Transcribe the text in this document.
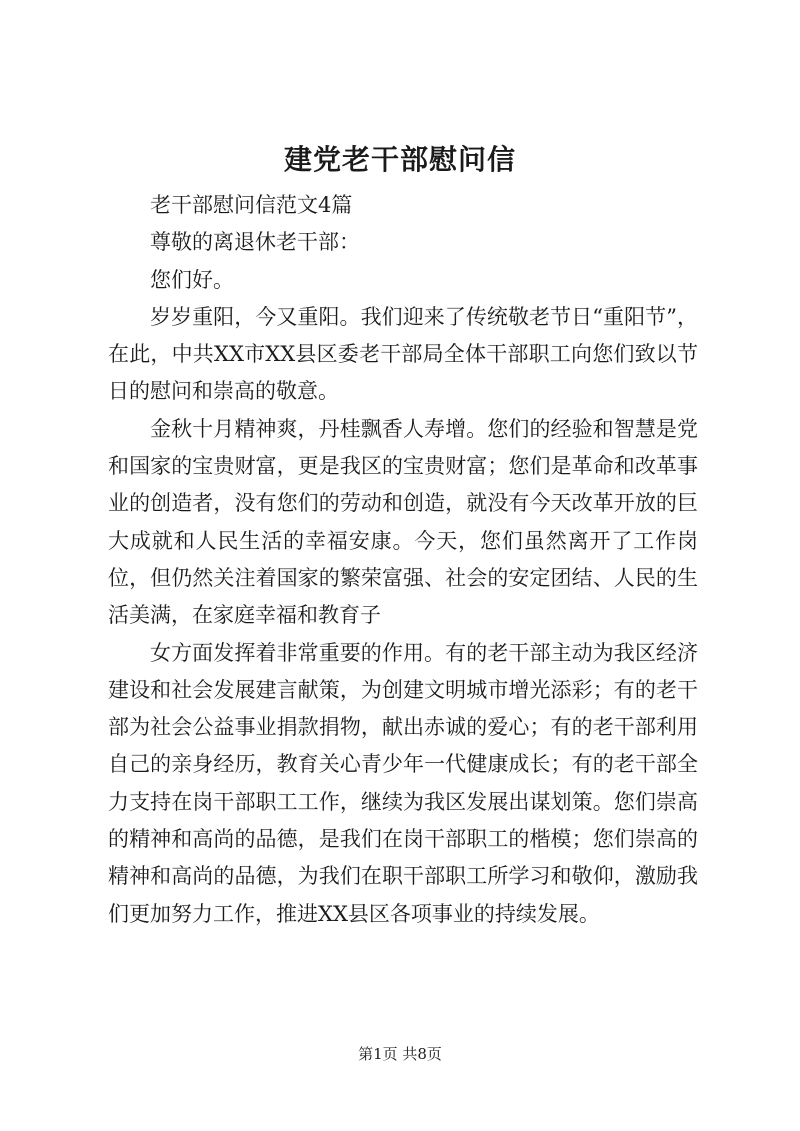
建党老干部慰问信

老干部慰问信范文4篇

尊敬的离退休老干部：

您们好。

岁岁重阳，今又重阳。我们迎来了传统敬老节日“重阳节”，在此，中共XX市XX县区委老干部局全体干部职工向您们致以节日的慰问和崇高的敬意。

金秋十月精神爽，丹桂飘香人寿增。您们的经验和智慧是党和国家的宝贵财富，更是我区的宝贵财富；您们是革命和改革事业的创造者，没有您们的劳动和创造，就没有今天改革开放的巨大成就和人民生活的幸福安康。今天，您们虽然离开了工作岗位，但仍然关注着国家的繁荣富强、社会的安定团结、人民的生活美满，在家庭幸福和教育子

女方面发挥着非常重要的作用。有的老干部主动为我区经济建设和社会发展建言献策，为创建文明城市增光添彩；有的老干部为社会公益事业捐款捐物，献出赤诚的爱心；有的老干部利用自己的亲身经历，教育关心青少年一代健康成长；有的老干部全力支持在岗干部职工工作，继续为我区发展出谋划策。您们崇高的精神和高尚的品德，是我们在岗干部职工的楷模；您们崇高的精神和高尚的品德，为我们在职干部职工所学习和敬仰，激励我们更加努力工作，推进XX县区各项事业的持续发展。

第1页 共8页
